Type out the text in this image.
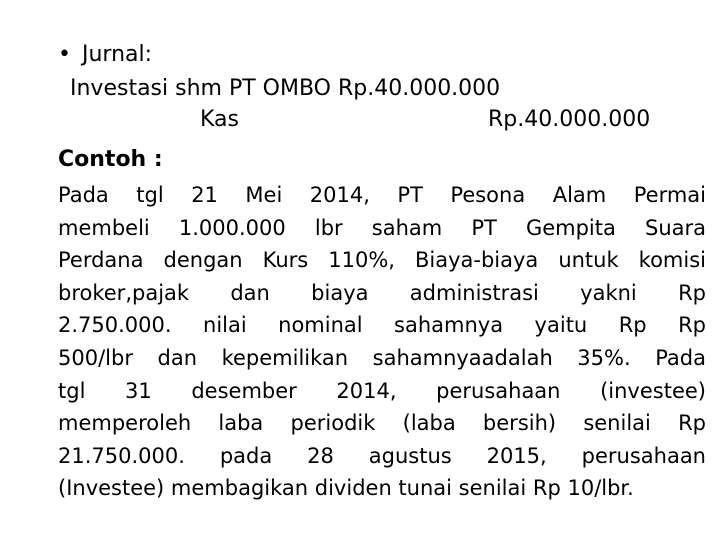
• Jurnal:
Investasi shm PT OMBO Rp.40.000.000
Kas	Rp.40.000.000
Contoh :
Pada tgl 21 Mei 2014, PT Pesona Alam Permai
membeli 1.000.000 lbr saham PT Gempita Suara
Perdana dengan Kurs 110%, Biaya-biaya untuk komisi
broker,pajak dan biaya administrasi yakni Rp
2.750.000. nilai nominal sahamnya yaitu Rp Rp
500/lbr dan kepemilikan sahamnyaadalah 35%. Pada
tgl 31 desember 2014, perusahaan (investee)
memperoleh laba periodik (laba bersih) senilai Rp
21.750.000. pada 28 agustus 2015, perusahaan
(Investee) membagikan dividen tunai senilai Rp 10/lbr.
